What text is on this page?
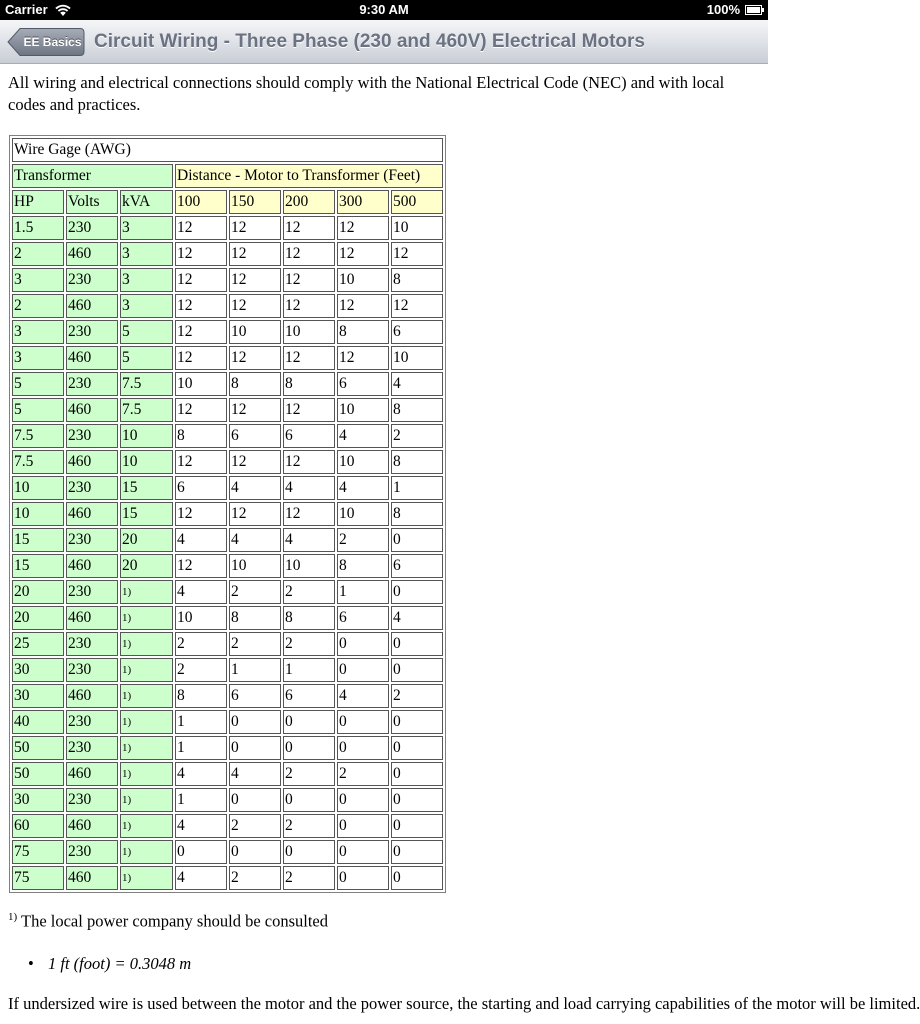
Carrier	9:30 AM	100%
EE Basics Circuit Wiring - Three Phase (230 and 460V) Electrical Motors

All wiring and electrical connections should comply with the National Electrical Code (NEC) and with local codes and practices.

Wire Gage (AWG)							
Transformer			Distance - Motor to Transformer (Feet)				
HP	Volts	kVA	100	150	200	300	500
1.5	230	3	12	12	12	12	10
2	460	3	12	12	12	12	12
3	230	3	12	12	12	10	8
2	460	3	12	12	12	12	12
3	230	5	12	10	10	8	6
3	460	5	12	12	12	12	10
5	230	7.5	10	8	8	6	4
5	460	7.5	12	12	12	10	8
7.5	230	10	8	6	6	4	2
7.5	460	10	12	12	12	10	8
10	230	15	6	4	4	4	1
10	460	15	12	12	12	10	8
15	230	20	4	4	4	2	0
15	460	20	12	10	10	8	6
20	230	1)	4	2	2	1	0
20	460	1)	10	8	8	6	4
25	230	1)	2	2	2	0	0
30	230	1)	2	1	1	0	0
30	460	1)	8	6	6	4	2
40	230	1)	1	0	0	0	0
50	230	1)	1	0	0	0	0
50	460	1)	4	4	2	2	0
30	230	1)	1	0	0	0	0
60	460	1)	4	2	2	0	0
75	230	1)	0	0	0	0	0
75	460	1)	4	2	2	0	0
$^{1)}$ The local power company should be consulted
• 1 ft (foot) = 0.3048 m
If undersized wire is used between the motor and the power source, the starting and load carrying capabilities of the motor will be limited.
